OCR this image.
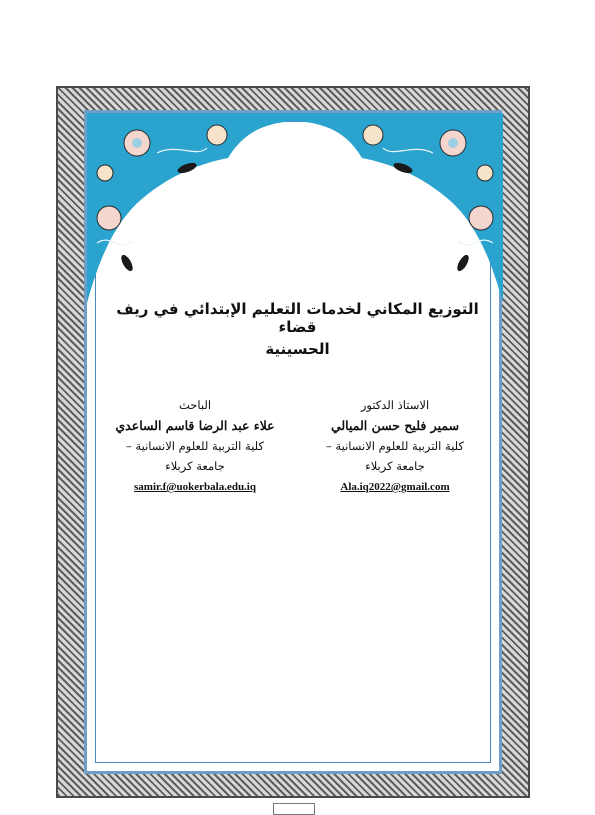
التوزيع المكاني لخدمات التعليم الإبتدائي في ريف قضاء
الحسينية
الاستاذ الدكتور
سمير فليح حسن الميالي
كلية التربية للعلوم الانسانية –
جامعة كربلاء
Ala.iq2022@gmail.com
الباحث
علاء عبد الرضا قاسم الساعدي
كلية التربية للعلوم الانسانية –
جامعة كربلاء
samir.f@uokerbala.edu.iq
